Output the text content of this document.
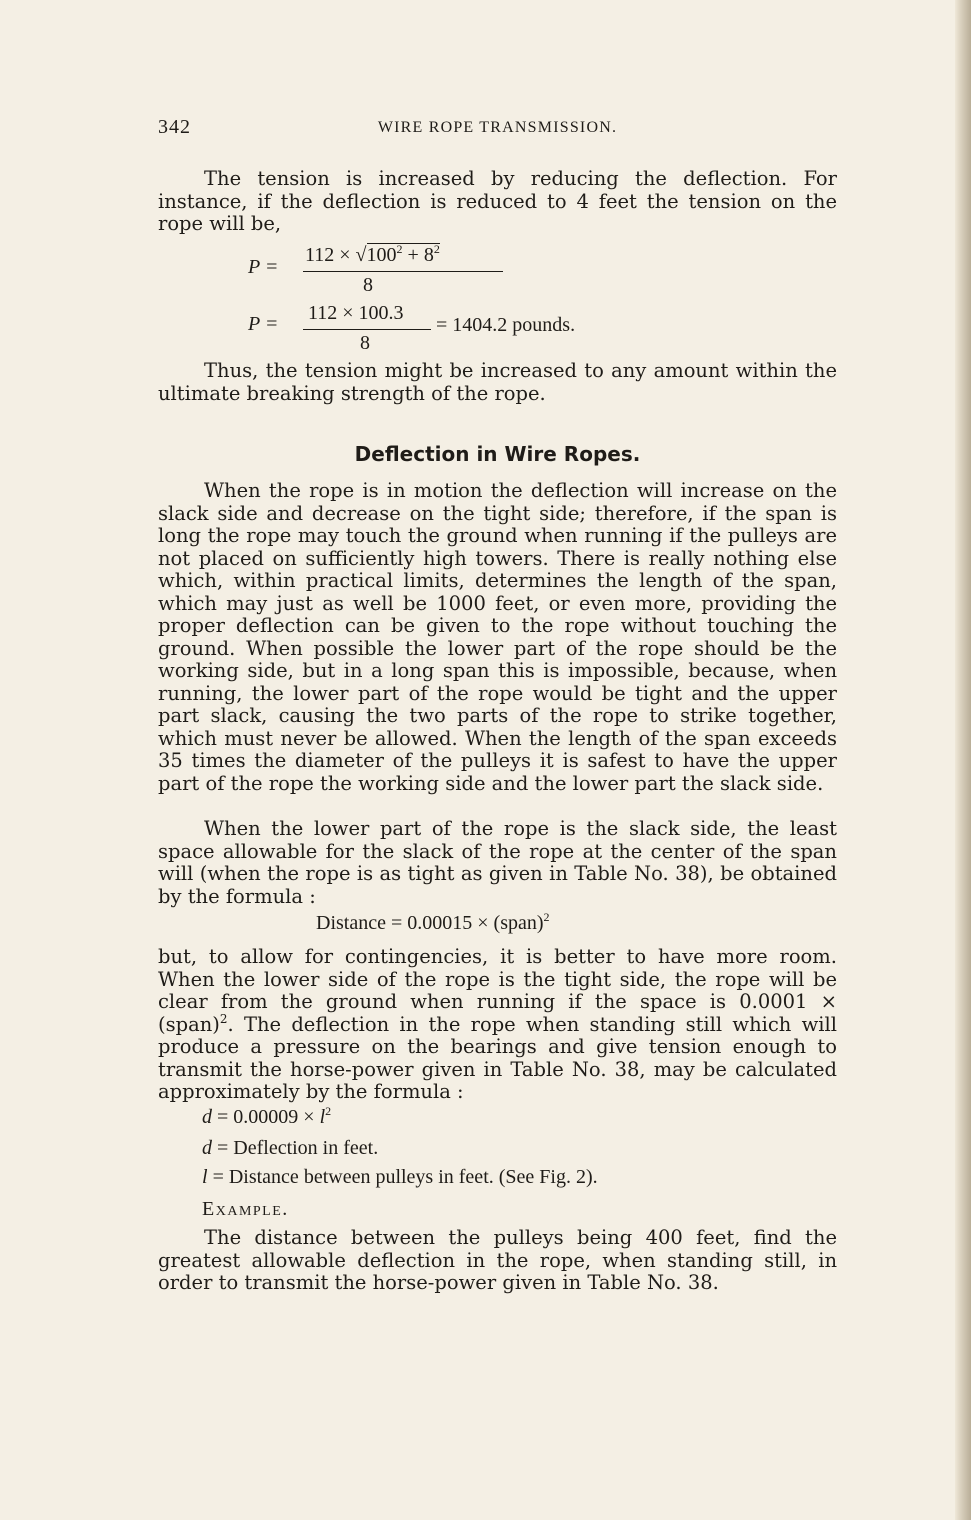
342	WIRE ROPE TRANSMISSION.

The tension is increased by reducing the deflection. For instance, if the deflection is reduced to 4 feet the tension on the rope will be,

P =
$112 \times √100^2 + 8^2$
8
P = 112 × 100.3
8
= 1404.2 pounds.

Thus, the tension might be increased to any amount within the ultimate breaking strength of the rope.

Deflection in Wire Ropes.

When the rope is in motion the deflection will increase on the slack side and decrease on the tight side; therefore, if the span is long the rope may touch the ground when running if the pulleys are not placed on sufficiently high towers. There is really nothing else which, within practical limits, determines the length of the span, which may just as well be 1000 feet, or even more, providing the proper deflection can be given to the rope without touching the ground. When possible the lower part of the rope should be the working side, but in a long span this is impossible, because, when running, the lower part of the rope would be tight and the upper part slack, causing the two parts of the rope to strike together, which must never be allowed. When the length of the span exceeds 35 times the diameter of the pulleys it is safest to have the upper part of the rope the working side and the lower part the slack side.

When the lower part of the rope is the slack side, the least space allowable for the slack of the rope at the center of the span will (when the rope is as tight as given in Table No. 38), be obtained by the formula :

Distance = 0.00015 × (span)$^2$

but, to allow for contingencies, it is better to have more room. When the lower side of the rope is the tight side, the rope will be clear from the ground when running if the space is 0.0001 × (span)$^2$. The deflection in the rope when standing still which will produce a pressure on the bearings and give tension enough to transmit the horse-power given in Table No. 38, may be calculated approximately by the formula :

$d = 0.00009 \times l^2$
d = Deflection in feet.
l = Distance between pulleys in feet. (See Fig. 2).
Example.

The distance between the pulleys being 400 feet, find the greatest allowable deflection in the rope, when standing still, in order to transmit the horse-power given in Table No. 38.
